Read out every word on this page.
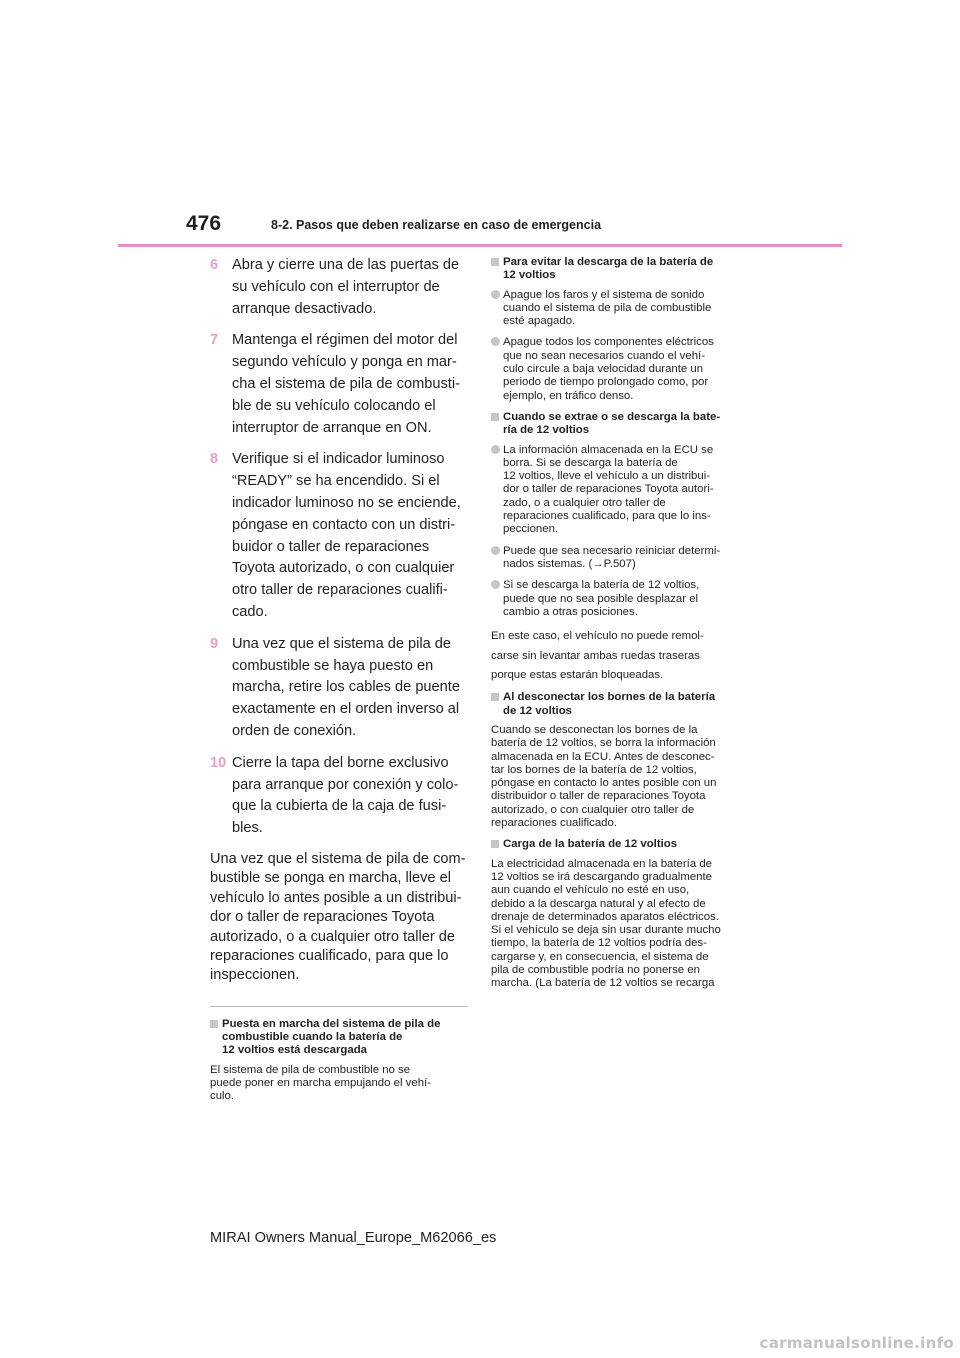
476	8-2. Pasos que deben realizarse en caso de emergencia
6 Abra y cierre una de las puertas de
su vehículo con el interruptor de
arranque desactivado.
7 Mantenga el régimen del motor del
segundo vehículo y ponga en mar-
cha el sistema de pila de combusti-
ble de su vehículo colocando el
interruptor de arranque en ON.
8 Verifique si el indicador luminoso
“READY” se ha encendido. Si el
indicador luminoso no se enciende,
póngase en contacto con un distri-
buidor o taller de reparaciones
Toyota autorizado, o con cualquier
otro taller de reparaciones cualifi-
cado.
9 Una vez que el sistema de pila de
combustible se haya puesto en
marcha, retire los cables de puente
exactamente en el orden inverso al
orden de conexión.
10 Cierre la tapa del borne exclusivo
para arranque por conexión y colo-
que la cubierta de la caja de fusi-
bles.
Una vez que el sistema de pila de com-
bustible se ponga en marcha, lleve el
vehículo lo antes posible a un distribui-
dor o taller de reparaciones Toyota
autorizado, o a cualquier otro taller de
reparaciones cualificado, para que lo
inspeccionen.
Puesta en marcha del sistema de pila de
combustible cuando la batería de
12 voltios está descargada
El sistema de pila de combustible no se
puede poner en marcha empujando el vehí-
culo.
Para evitar la descarga de la batería de
12 voltios
Apague los faros y el sistema de sonido
cuando el sistema de pila de combustible
esté apagado.
Apague todos los componentes eléctricos
que no sean necesarios cuando el vehí-
culo circule a baja velocidad durante un
periodo de tiempo prolongado como, por
ejemplo, en tráfico denso.
Cuando se extrae o se descarga la bate-
ría de 12 voltios
La información almacenada en la ECU se
borra. Si se descarga la batería de
12 voltios, lleve el vehículo a un distribui-
dor o taller de reparaciones Toyota autori-
zado, o a cualquier otro taller de
reparaciones cualificado, para que lo ins-
peccionen.
Puede que sea necesario reiniciar determi-
nados sistemas. (→P.507)
Si se descarga la batería de 12 voltios,
puede que no sea posible desplazar el
cambio a otras posiciones.
En este caso, el vehículo no puede remol-
carse sin levantar ambas ruedas traseras
porque estas estarán bloqueadas.
Al desconectar los bornes de la batería
de 12 voltios
Cuando se desconectan los bornes de la
batería de 12 voltios, se borra la información
almacenada en la ECU. Antes de desconec-
tar los bornes de la batería de 12 voltios,
póngase en contacto lo antes posible con un
distribuidor o taller de reparaciones Toyota
autorizado, o con cualquier otro taller de
reparaciones cualificado.
Carga de la batería de 12 voltios
La electricidad almacenada en la batería de
12 voltios se irá descargando gradualmente
aun cuando el vehículo no esté en uso,
debido a la descarga natural y al efecto de
drenaje de determinados aparatos eléctricos.
Si el vehículo se deja sin usar durante mucho
tiempo, la batería de 12 voltios podría des-
cargarse y, en consecuencia, el sistema de
pila de combustible podría no ponerse en
marcha. (La batería de 12 voltios se recarga
MIRAI Owners Manual_Europe_M62066_es
carmanualsonline.info
